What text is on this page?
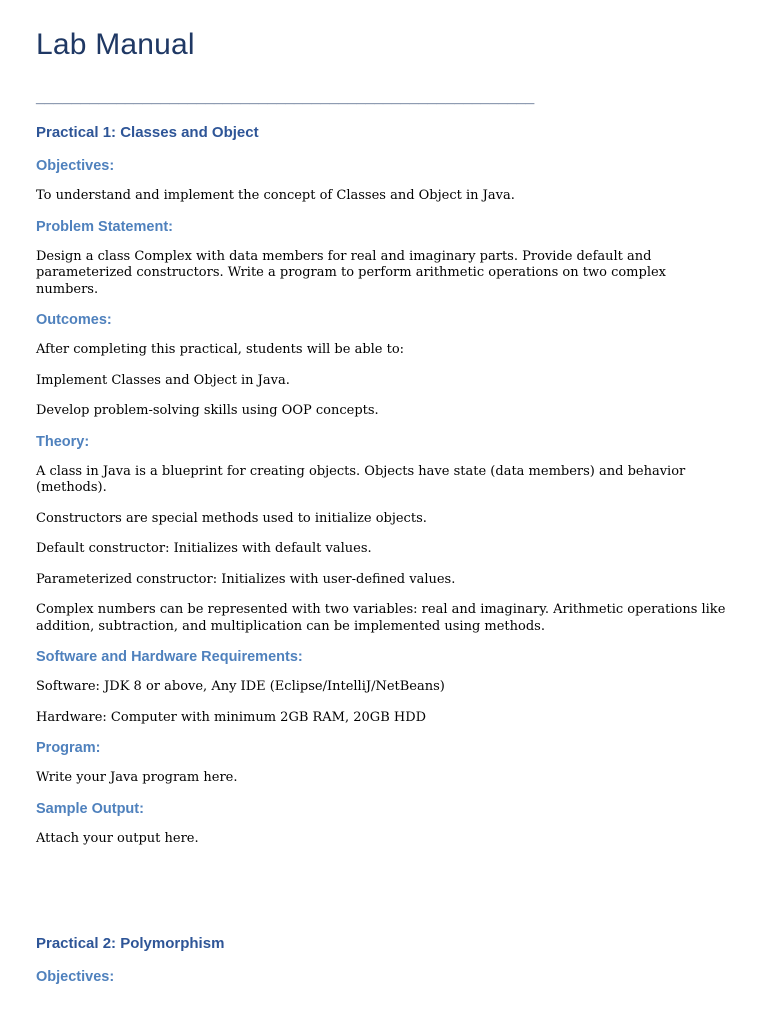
Lab Manual
________________________________________________________
Practical 1: Classes and Object
Objectives:

To understand and implement the concept of Classes and Object in Java.

Problem Statement:

Design a class Complex with data members for real and imaginary parts. Provide default and parameterized constructors. Write a program to perform arithmetic operations on two complex numbers.

Outcomes:

After completing this practical, students will be able to:

Implement Classes and Object in Java.

Develop problem-solving skills using OOP concepts.

Theory:

A class in Java is a blueprint for creating objects. Objects have state (data members) and behavior (methods).

Constructors are special methods used to initialize objects.

Default constructor: Initializes with default values.

Parameterized constructor: Initializes with user-defined values.

Complex numbers can be represented with two variables: real and imaginary. Arithmetic operations like addition, subtraction, and multiplication can be implemented using methods.

Software and Hardware Requirements:

Software: JDK 8 or above, Any IDE (Eclipse/IntelliJ/NetBeans)

Hardware: Computer with minimum 2GB RAM, 20GB HDD

Program:

Write your Java program here.

Sample Output:

Attach your output here.

Practical 2: Polymorphism
Objectives:
